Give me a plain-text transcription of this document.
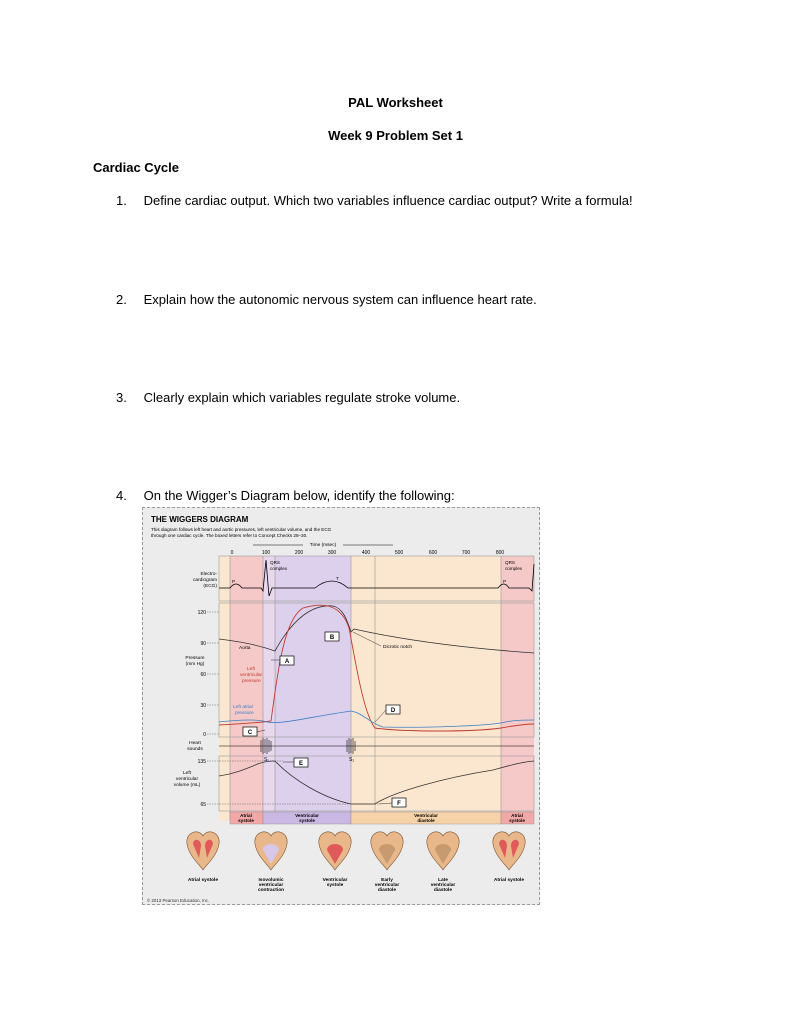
PAL Worksheet
Week 9 Problem Set 1
Cardiac Cycle
1. Define cardiac output. Which two variables influence cardiac output? Write a formula!
2. Explain how the autonomic nervous system can influence heart rate.
3. Clearly explain which variables regulate stroke volume.
4. On the Wigger’s Diagram below, identify the following:
THE WIGGERS DIAGRAM
This diagram follows left heart and aortic pressures, left ventricular volume, and the ECG
through one cardiac cycle. The boxed letters refer to Concept Checks 28–30.
Time (msec)
0	100	200	300	400	500	600	700	800
Electro-
cardiogram
(ECG)
Pressure
(mm Hg)
Heart
sounds
Left
ventricular
volume (mL)
120
90
60
30
0
135
65
P
T
P
QRS
complex
QRS
complex
Aorta
Left
ventricular
pressure
Left atrial
pressure
Dicrotic notch
S₁	S₂
A
B
C
D
E
F
Atrial
systole
Ventricular
systole
Ventricular
diastole
Atrial
systole
Atrial systole	Isovolumic
ventricular
contraction
Ventricular
systole
Early
ventricular
diastole
Late
ventricular
diastole
Atrial systole
© 2013 Pearson Education, Inc.
